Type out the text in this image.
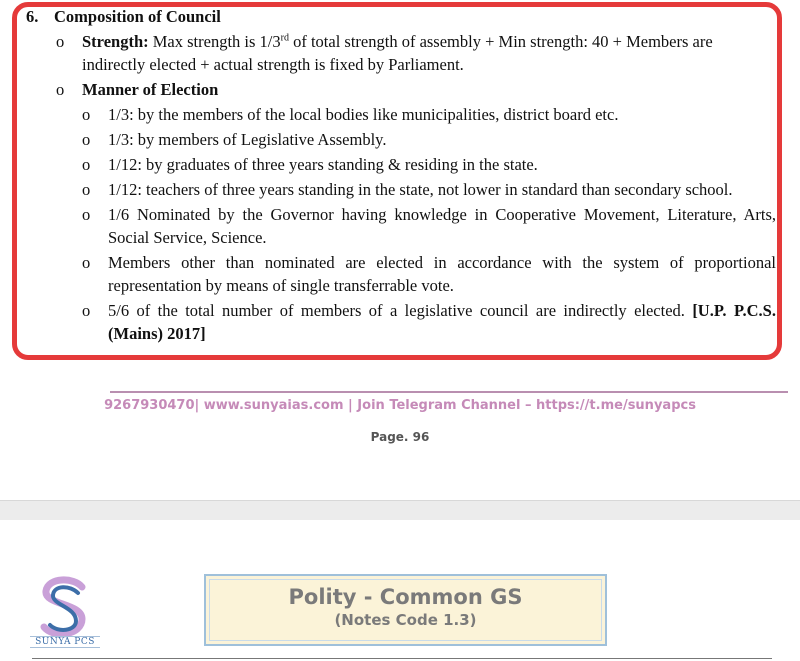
6. Composition of Council
o Strength: Max strength is 1/3rd of total strength of assembly + Min strength: 40 + Members are indirectly elected + actual strength is fixed by Parliament.
o Manner of Election
o 1/3: by the members of the local bodies like municipalities, district board etc.
o 1/3: by members of Legislative Assembly.
o 1/12: by graduates of three years standing & residing in the state.
o 1/12: teachers of three years standing in the state, not lower in standard than secondary school.
o 1/6 Nominated by the Governor having knowledge in Cooperative Movement, Literature, Arts, Social Service, Science.
o Members other than nominated are elected in accordance with the system of proportional representation by means of single transferrable vote.
o 5/6 of the total number of members of a legislative council are indirectly elected. [U.P. P.C.S. (Mains) 2017]
9267930470| www.sunyaias.com | Join Telegram Channel – https://t.me/sunyapcs
Page. 96
SUNYA PCS
Polity - Common GS
(Notes Code 1.3)
